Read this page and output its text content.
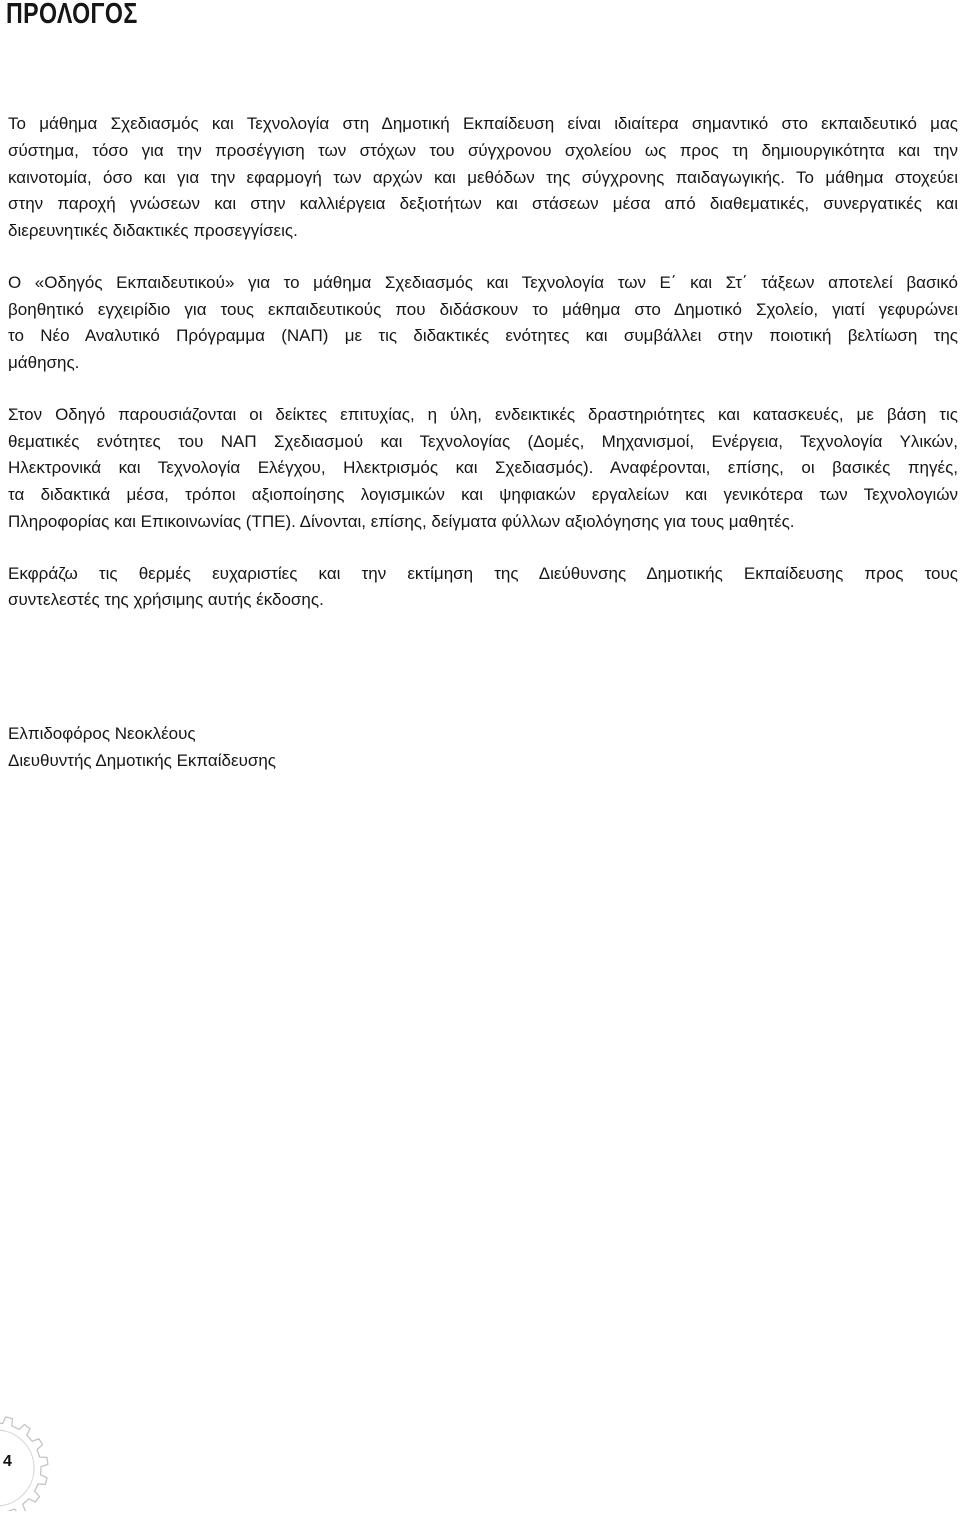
ΠΡΟΛΟΓΟΣ
Το μάθημα Σχεδιασμός και Τεχνολογία στη Δημοτική Εκπαίδευση είναι ιδιαίτερα σημαντικό στο εκπαιδευτικό μας
σύστημα, τόσο για την προσέγγιση των στόχων του σύγχρονου σχολείου ως προς τη δημιουργικότητα και την
καινοτομία, όσο και για την εφαρμογή των αρχών και μεθόδων της σύγχρονης παιδαγωγικής. Το μάθημα στοχεύει
στην παροχή γνώσεων και στην καλλιέργεια δεξιοτήτων και στάσεων μέσα από διαθεματικές, συνεργατικές και
διερευνητικές διδακτικές προσεγγίσεις.
Ο «Οδηγός Εκπαιδευτικού» για το μάθημα Σχεδιασμός και Τεχνολογία των Ε΄ και Στ΄ τάξεων αποτελεί βασικό
βοηθητικό εγχειρίδιο για τους εκπαιδευτικούς που διδάσκουν το μάθημα στο Δημοτικό Σχολείο, γιατί γεφυρώνει
το Νέο Αναλυτικό Πρόγραμμα (ΝΑΠ) με τις διδακτικές ενότητες και συμβάλλει στην ποιοτική βελτίωση της
μάθησης.
Στον Οδηγό παρουσιάζονται οι δείκτες επιτυχίας, η ύλη, ενδεικτικές δραστηριότητες και κατασκευές, με βάση τις
θεματικές ενότητες του ΝΑΠ Σχεδιασμού και Τεχνολογίας (Δομές, Μηχανισμοί, Ενέργεια, Τεχνολογία Υλικών,
Ηλεκτρονικά και Τεχνολογία Ελέγχου, Ηλεκτρισμός και Σχεδιασμός). Αναφέρονται, επίσης, οι βασικές πηγές,
τα διδακτικά μέσα, τρόποι αξιοποίησης λογισμικών και ψηφιακών εργαλείων και γενικότερα των Τεχνολογιών
Πληροφορίας και Επικοινωνίας (ΤΠΕ). Δίνονται, επίσης, δείγματα φύλλων αξιολόγησης για τους μαθητές.
Εκφράζω τις θερμές ευχαριστίες και την εκτίμηση της Διεύθυνσης Δημοτικής Εκπαίδευσης προς τους
συντελεστές της χρήσιμης αυτής έκδοσης.
Ελπιδοφόρος Νεοκλέους
Διευθυντής Δημοτικής Εκπαίδευσης
4
